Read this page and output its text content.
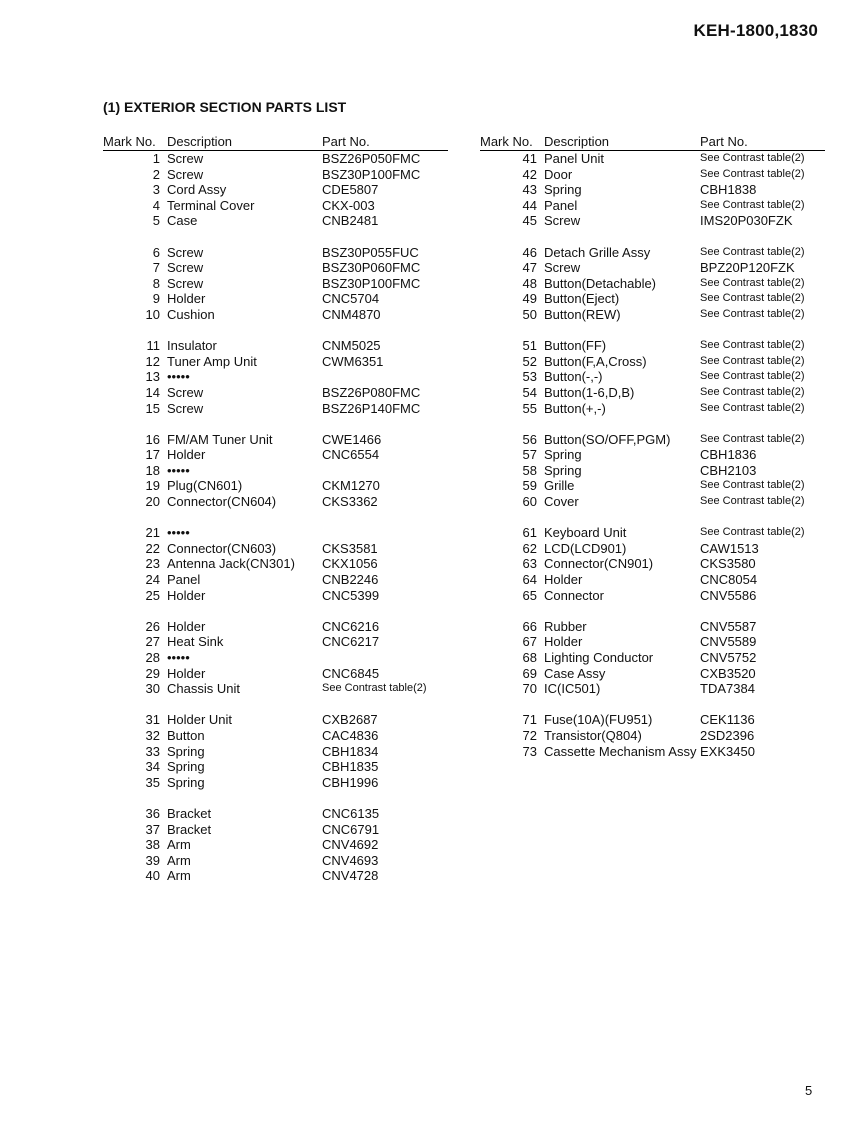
KEH-1800,1830
(1) EXTERIOR SECTION PARTS LIST
Mark No. Description	Part No.
1 Screw	BSZ26P050FMC
2 Screw	BSZ30P100FMC
3 Cord Assy	CDE5807
4 Terminal Cover	CKX-003
5 Case	CNB2481
6 Screw	BSZ30P055FUC
7 Screw	BSZ30P060FMC
8 Screw	BSZ30P100FMC
9 Holder	CNC5704
10 Cushion	CNM4870
11 Insulator	CNM5025
12 Tuner Amp Unit	CWM6351
13 •••••
14 Screw	BSZ26P080FMC
15 Screw	BSZ26P140FMC
16 FM/AM Tuner Unit	CWE1466
17 Holder	CNC6554
18 •••••
19 Plug(CN601)	CKM1270
20 Connector(CN604)	CKS3362
21 •••••
22 Connector(CN603)	CKS3581
23 Antenna Jack(CN301) CKX1056
24 Panel	CNB2246
25 Holder	CNC5399
26 Holder	CNC6216
27 Heat Sink	CNC6217
28 •••••
29 Holder	CNC6845
30 Chassis Unit	See Contrast table(2)
31 Holder Unit	CXB2687
32 Button	CAC4836
33 Spring	CBH1834
34 Spring	CBH1835
35 Spring	CBH1996
36 Bracket	CNC6135
37 Bracket	CNC6791
38 Arm	CNV4692
39 Arm	CNV4693
40 Arm	CNV4728
Mark No. Description	Part No.
41 Panel Unit	See Contrast table(2)
42 Door	See Contrast table(2)
43 Spring	CBH1838
44 Panel	See Contrast table(2)
45 Screw	IMS20P030FZK
46 Detach Grille Assy	See Contrast table(2)
47 Screw	BPZ20P120FZK
48 Button(Detachable)	See Contrast table(2)
49 Button(Eject)	See Contrast table(2)
50 Button(REW)	See Contrast table(2)
51 Button(FF)	See Contrast table(2)
52 Button(F,A,Cross)	See Contrast table(2)
53 Button(-,-)	See Contrast table(2)
54 Button(1-6,D,B)	See Contrast table(2)
55 Button(+,-)	See Contrast table(2)
56 Button(SO/OFF,PGM)	See Contrast table(2)
57 Spring	CBH1836
58 Spring	CBH2103
59 Grille	See Contrast table(2)
60 Cover	See Contrast table(2)
61 Keyboard Unit	See Contrast table(2)
62 LCD(LCD901)	CAW1513
63 Connector(CN901)	CKS3580
64 Holder	CNC8054
65 Connector	CNV5586
66 Rubber	CNV5587
67 Holder	CNV5589
68 Lighting Conductor	CNV5752
69 Case Assy	CXB3520
70 IC(IC501)	TDA7384
71 Fuse(10A)(FU951)	CEK1136
72 Transistor(Q804)	2SD2396
73 Cassette Mechanism Assy EXK3450
5
